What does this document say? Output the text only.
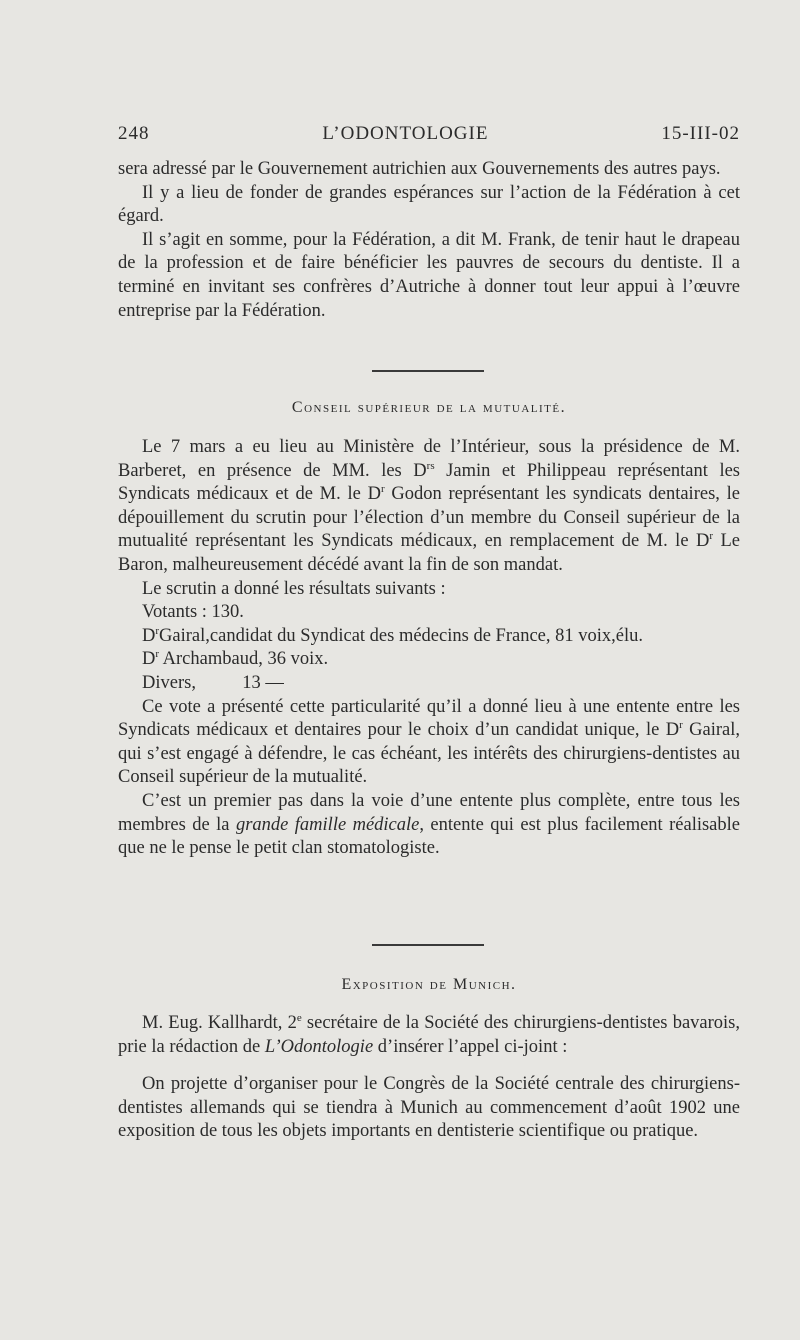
248	L’ODONTOLOGIE	15-III-02

sera adressé par le Gouvernement autrichien aux Gouvernements des autres pays.

Il y a lieu de fonder de grandes espérances sur l’action de la Fédération à cet égard.

Il s’agit en somme, pour la Fédération, a dit M. Frank, de tenir haut le drapeau de la profession et de faire bénéficier les pauvres de secours du dentiste. Il a terminé en invitant ses confrères d’Autriche à donner tout leur appui à l’œuvre entreprise par la Fédération.

Conseil supérieur de la mutualité.

Le 7 mars a eu lieu au Ministère de l’Intérieur, sous la présidence de M. Barberet, en présence de MM. les $D^{rs}$ Jamin et Philippeau représentant les Syndicats médicaux et de M. le $D^r$ Godon représentant les syndicats dentaires, le dépouillement du scrutin pour l’élection d’un membre du Conseil supérieur de la mutualité représentant les Syndicats médicaux, en remplacement de M. le $D^r$ Le Baron, malheureusement décédé avant la fin de son mandat.

Le scrutin a donné les résultats suivants :

Votants : 130.

$D^rGairal,candidat$ du Syndicat des médecins de France, 81 voix,élu.

$D^r$ Archambaud, 36 voix.

Divers,          13 —

Ce vote a présenté cette particularité qu’il a donné lieu à une entente entre les Syndicats médicaux et dentaires pour le choix d’un candidat unique, le $D^r$ Gairal, qui s’est engagé à défendre, le cas échéant, les intérêts des chirurgiens-dentistes au Conseil supérieur de la mutualité.

C’est un premier pas dans la voie d’une entente plus complète, entre tous les membres de la grande famille médicale, entente qui est plus facilement réalisable que ne le pense le petit clan stomatologiste.

Exposition de Munich.

M. Eug. Kallhardt, 2e secrétaire de la Société des chirurgiens-dentistes bavarois, prie la rédaction de L’Odontologie d’insérer l’appel ci-joint :

On projette d’organiser pour le Congrès de la Société centrale des chirurgiens-dentistes allemands qui se tiendra à Munich au commencement d’août 1902 une exposition de tous les objets importants en dentisterie scientifique ou pratique.
